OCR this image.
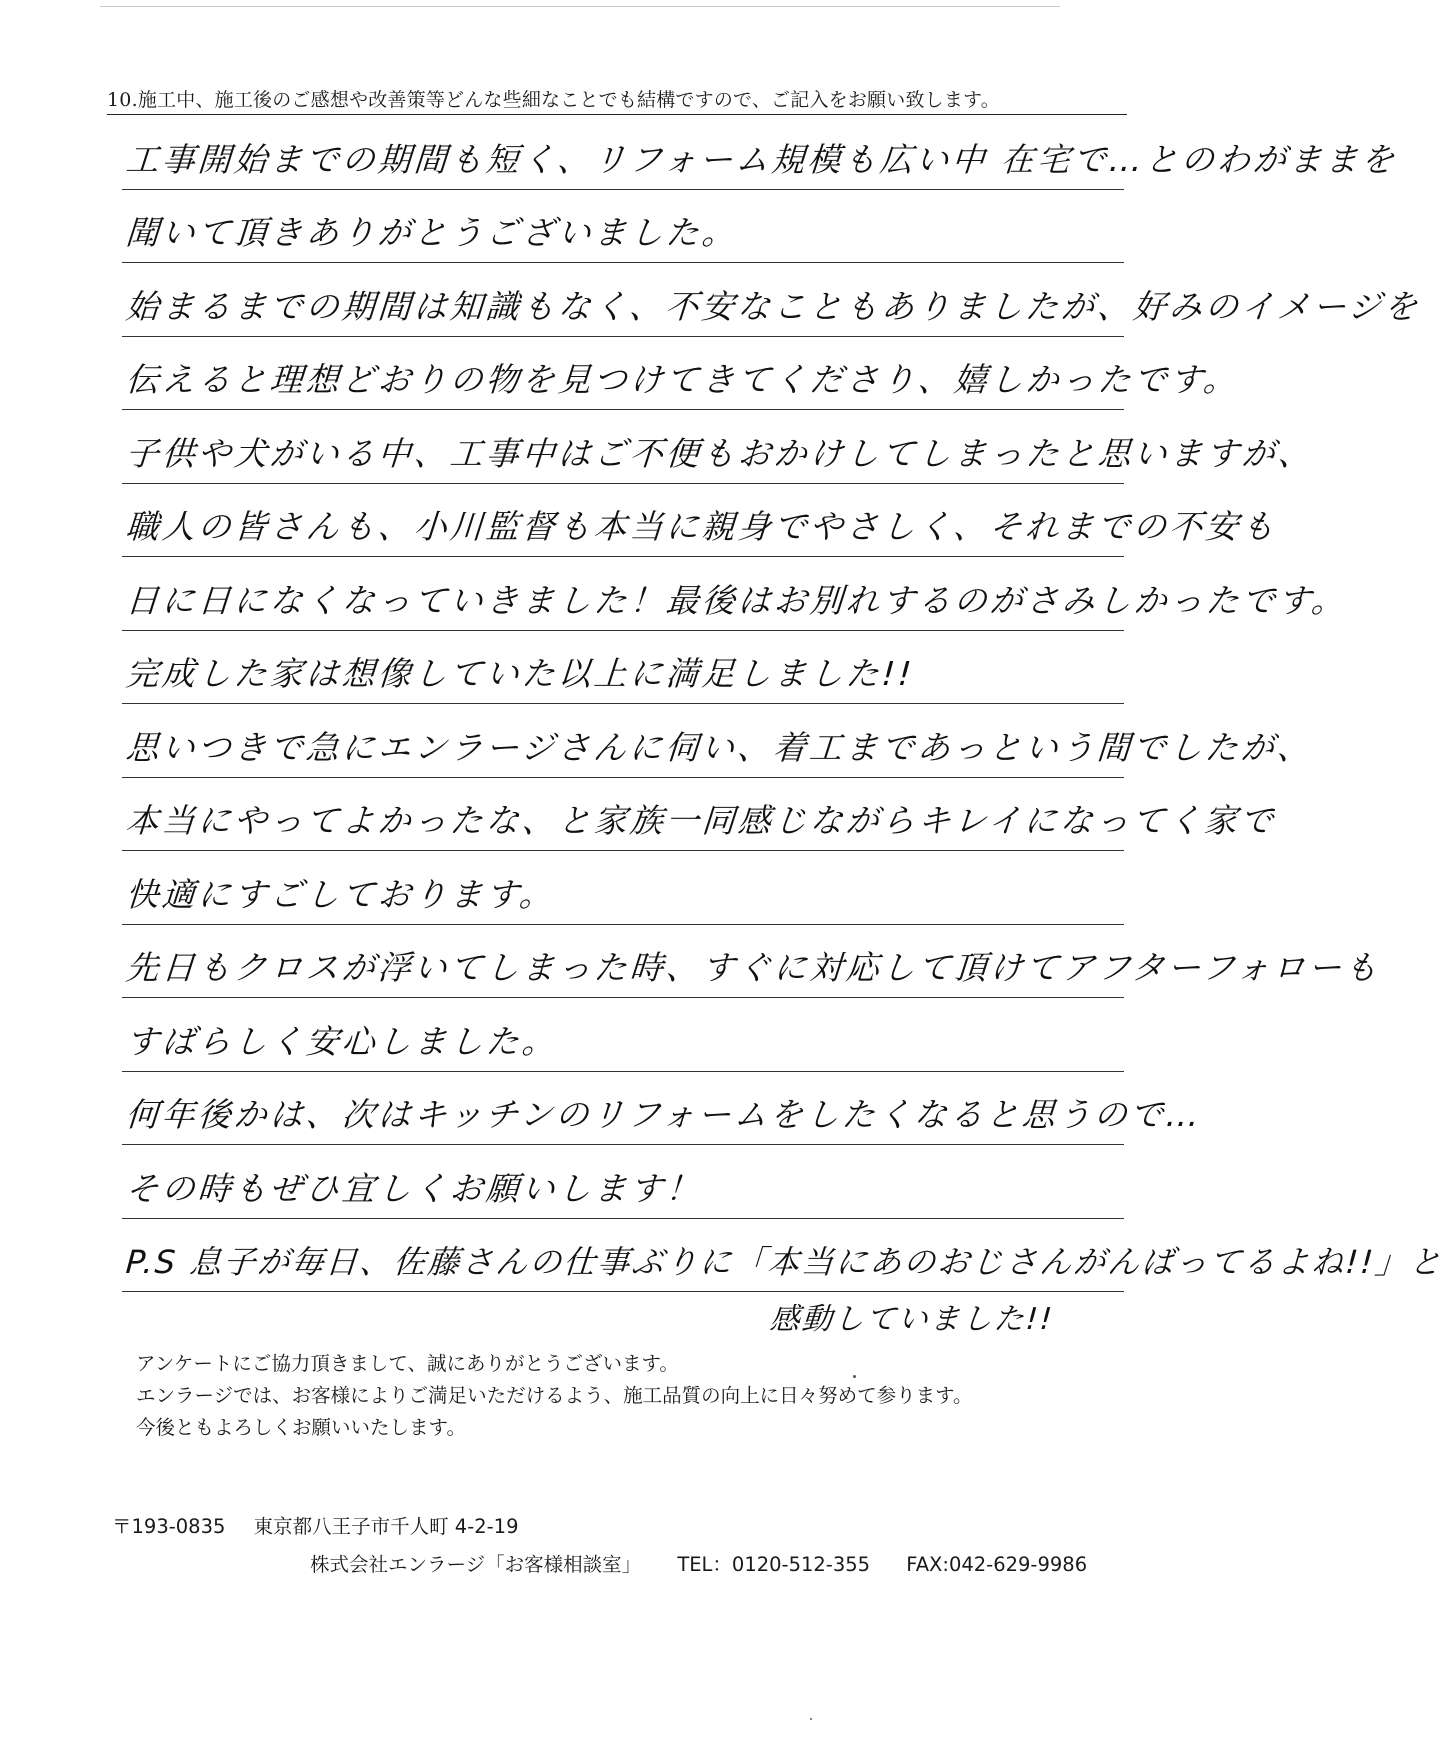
10.施工中、施工後のご感想や改善策等どんな些細なことでも結構ですので、ご記入をお願い致します。
工事開始までの期間も短く、リフォーム規模も広い中 在宅で…とのわがままを
聞いて頂きありがとうございました。
始まるまでの期間は知識もなく、不安なこともありましたが、好みのイメージを
伝えると理想どおりの物を見つけてきてくださり、嬉しかったです。
子供や犬がいる中、工事中はご不便もおかけしてしまったと思いますが、
職人の皆さんも、小川監督も本当に親身でやさしく、それまでの不安も
日に日になくなっていきました！最後はお別れするのがさみしかったです。
完成した家は想像していた以上に満足しました!!
思いつきで急にエンラージさんに伺い、着工まであっという間でしたが、
本当にやってよかったな、と家族一同感じながらキレイになってく家で
快適にすごしております。
先日もクロスが浮いてしまった時、すぐに対応して頂けてアフターフォローも
すばらしく安心しました。
何年後かは、次はキッチンのリフォームをしたくなると思うので…
その時もぜひ宜しくお願いします！
P.S 息子が毎日、佐藤さんの仕事ぶりに「本当にあのおじさんがんばってるよね!!」と
感動していました!!
アンケートにご協力頂きまして、誠にありがとうございます。
エンラージでは、お客様によりご満足いただけるよう、施工品質の向上に日々努めて参ります。
今後ともよろしくお願いいたします。
〒193-0835 東京都八王子市千人町 4-2-19
株式会社エンラージ「お客様相談室」 TEL：0120-512-355 FAX:042-629-9986
